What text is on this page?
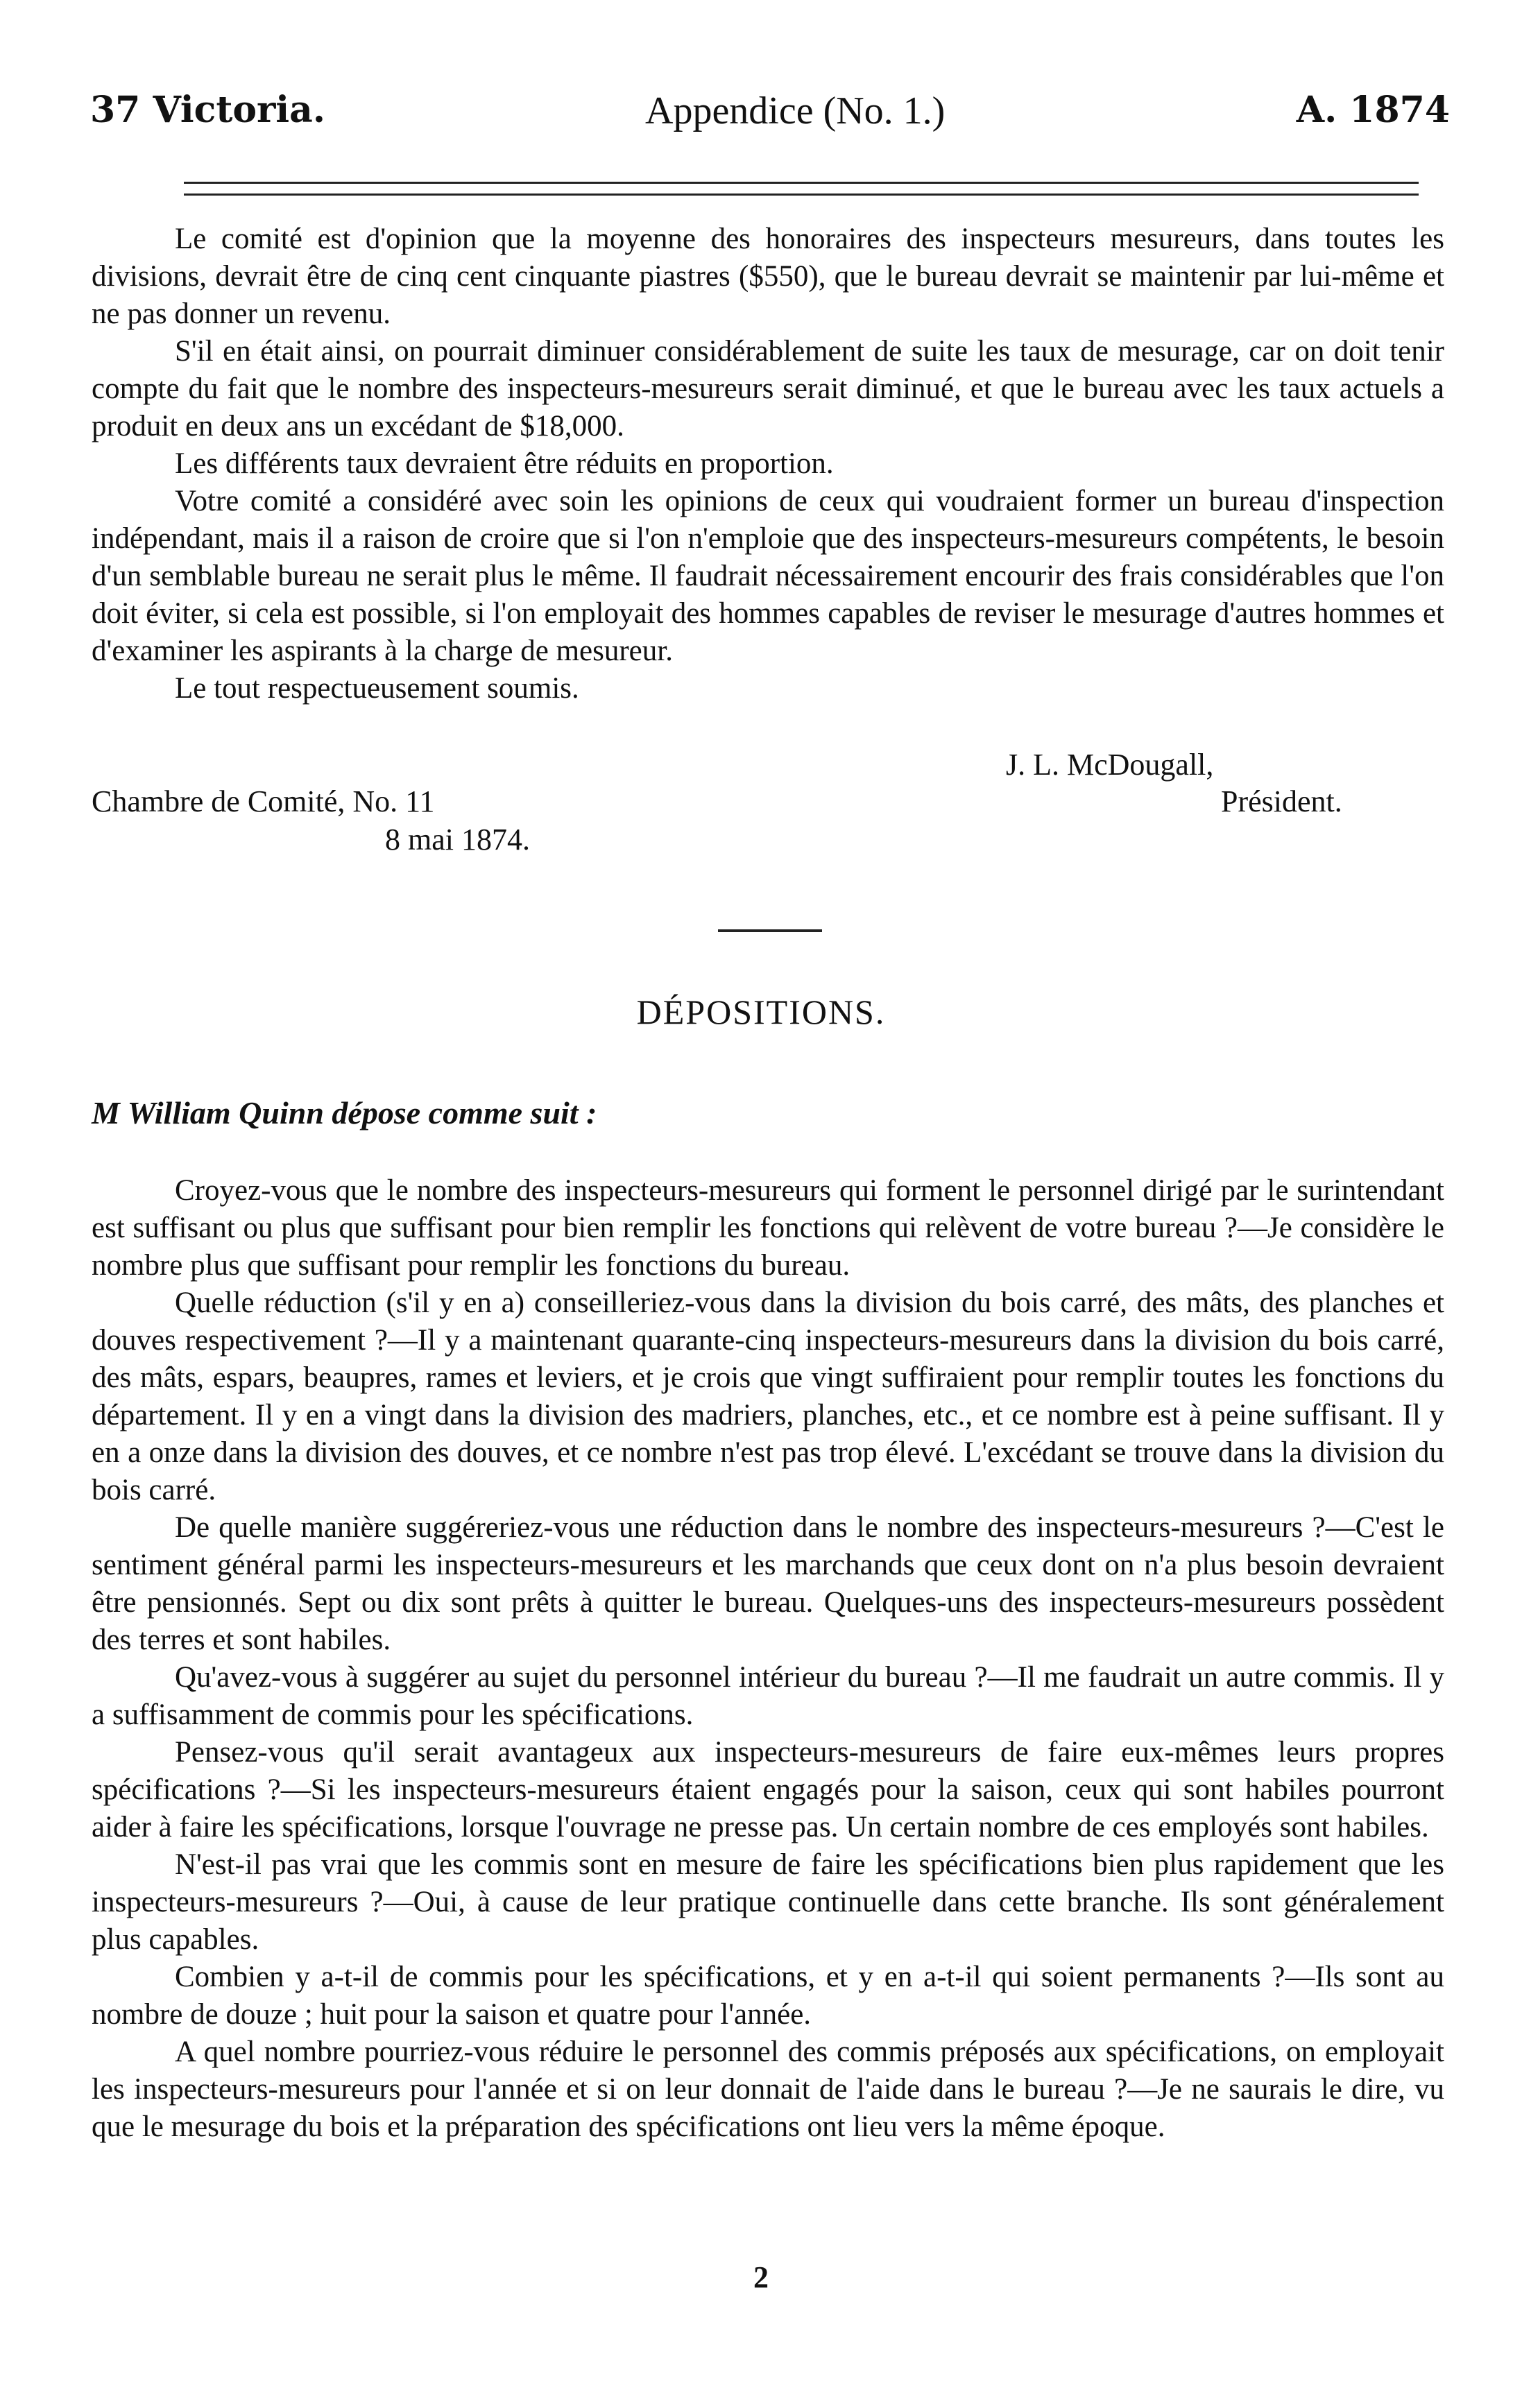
37 Victoria.	Appendice (No. 1.)	A. 1874

Le comité est d'opinion que la moyenne des honoraires des inspecteurs mesureurs, dans toutes les divisions, devrait être de cinq cent cinquante piastres ($550), que le bureau devrait se maintenir par lui-même et ne pas donner un revenu.

S'il en était ainsi, on pourrait diminuer considérablement de suite les taux de mesurage, car on doit tenir compte du fait que le nombre des inspecteurs-mesureurs serait diminué, et que le bureau avec les taux actuels a produit en deux ans un excédant de $18,000.

Les différents taux devraient être réduits en proportion.

Votre comité a considéré avec soin les opinions de ceux qui voudraient former un bureau d'inspection indépendant, mais il a raison de croire que si l'on n'emploie que des inspecteurs-mesureurs compétents, le besoin d'un semblable bureau ne serait plus le même. Il faudrait nécessairement encourir des frais considérables que l'on doit éviter, si cela est possible, si l'on employait des hommes capables de reviser le mesurage d'autres hommes et d'examiner les aspirants à la charge de mesureur.

Le tout respectueusement soumis.

J. L. McDougall,
Président.
Chambre de Comité, No. 11
8 mai 1874.
DÉPOSITIONS.
M William Quinn dépose comme suit :

Croyez-vous que le nombre des inspecteurs-mesureurs qui forment le personnel dirigé par le surintendant est suffisant ou plus que suffisant pour bien remplir les fonctions qui relèvent de votre bureau ?—Je considère le nombre plus que suffisant pour remplir les fonctions du bureau.

Quelle réduction (s'il y en a) conseilleriez-vous dans la division du bois carré, des mâts, des planches et douves respectivement ?—Il y a maintenant quarante-cinq inspecteurs-mesureurs dans la division du bois carré, des mâts, espars, beaupres, rames et leviers, et je crois que vingt suffiraient pour remplir toutes les fonctions du département. Il y en a vingt dans la division des madriers, planches, etc., et ce nombre est à peine suffisant. Il y en a onze dans la division des douves, et ce nombre n'est pas trop élevé. L'excédant se trouve dans la division du bois carré.

De quelle manière suggéreriez-vous une réduction dans le nombre des inspecteurs-mesureurs ?—C'est le sentiment général parmi les inspecteurs-mesureurs et les marchands que ceux dont on n'a plus besoin devraient être pensionnés. Sept ou dix sont prêts à quitter le bureau. Quelques-uns des inspecteurs-mesureurs possèdent des terres et sont habiles.

Qu'avez-vous à suggérer au sujet du personnel intérieur du bureau ?—Il me faudrait un autre commis. Il y a suffisamment de commis pour les spécifications.

Pensez-vous qu'il serait avantageux aux inspecteurs-mesureurs de faire eux-mêmes leurs propres spécifications ?—Si les inspecteurs-mesureurs étaient engagés pour la saison, ceux qui sont habiles pourront aider à faire les spécifications, lorsque l'ouvrage ne presse pas. Un certain nombre de ces employés sont habiles.

N'est-il pas vrai que les commis sont en mesure de faire les spécifications bien plus rapidement que les inspecteurs-mesureurs ?—Oui, à cause de leur pratique continuelle dans cette branche. Ils sont généralement plus capables.

Combien y a-t-il de commis pour les spécifications, et y en a-t-il qui soient permanents ?—Ils sont au nombre de douze ; huit pour la saison et quatre pour l'année.

A quel nombre pourriez-vous réduire le personnel des commis préposés aux spécifications, on employait les inspecteurs-mesureurs pour l'année et si on leur donnait de l'aide dans le bureau ?—Je ne saurais le dire, vu que le mesurage du bois et la préparation des spécifications ont lieu vers la même époque.

2
